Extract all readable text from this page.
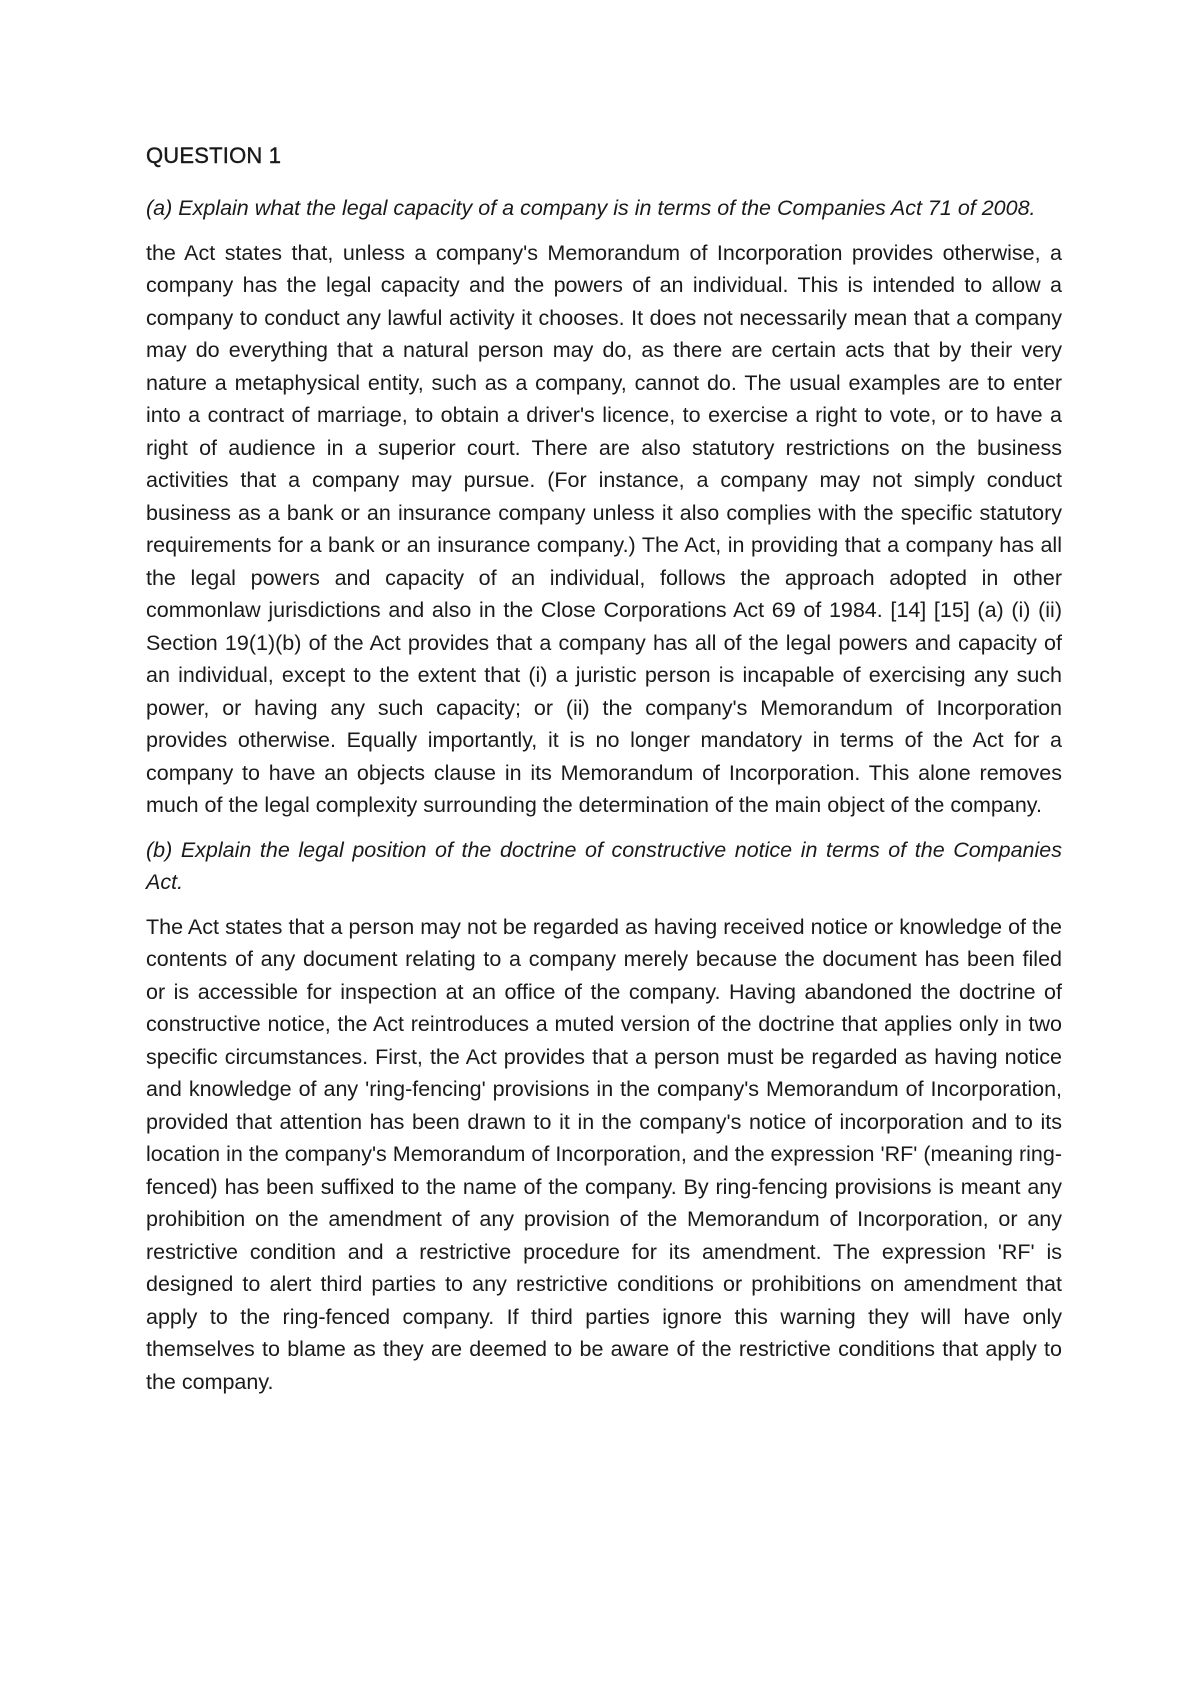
QUESTION 1

(a) Explain what the legal capacity of a company is in terms of the Companies Act 71 of 2008.

the Act states that, unless a company's Memorandum of Incorporation provides otherwise, a company has the legal capacity and the powers of an individual. This is intended to allow a company to conduct any lawful activity it chooses. It does not necessarily mean that a company may do everything that a natural person may do, as there are certain acts that by their very nature a metaphysical entity, such as a company, cannot do. The usual examples are to enter into a contract of marriage, to obtain a driver's licence, to exercise a right to vote, or to have a right of audience in a superior court. There are also statutory restrictions on the business activities that a company may pursue. (For instance, a company may not simply conduct business as a bank or an insurance company unless it also complies with the specific statutory requirements for a bank or an insurance company.) The Act, in providing that a company has all the legal powers and capacity of an individual, follows the approach adopted in other commonlaw jurisdictions and also in the Close Corporations Act 69 of 1984. [14] [15] (a) (i) (ii) Section 19(1)(b) of the Act provides that a company has all of the legal powers and capacity of an individual, except to the extent that (i) a juristic person is incapable of exercising any such power, or having any such capacity; or (ii) the company's Memorandum of Incorporation provides otherwise. Equally importantly, it is no longer mandatory in terms of the Act for a company to have an objects clause in its Memorandum of Incorporation. This alone removes much of the legal complexity surrounding the determination of the main object of the company.

(b) Explain the legal position of the doctrine of constructive notice in terms of the Companies Act.

The Act states that a person may not be regarded as having received notice or knowledge of the contents of any document relating to a company merely because the document has been filed or is accessible for inspection at an office of the company. Having abandoned the doctrine of constructive notice, the Act reintroduces a muted version of the doctrine that applies only in two specific circumstances. First, the Act provides that a person must be regarded as having notice and knowledge of any 'ring-fencing' provisions in the company's Memorandum of Incorporation, provided that attention has been drawn to it in the company's notice of incorporation and to its location in the company's Memorandum of Incorporation, and the expression 'RF' (meaning ring-fenced) has been suffixed to the name of the company. By ring-fencing provisions is meant any prohibition on the amendment of any provision of the Memorandum of Incorporation, or any restrictive condition and a restrictive procedure for its amendment. The expression 'RF' is designed to alert third parties to any restrictive conditions or prohibitions on amendment that apply to the ring-fenced company. If third parties ignore this warning they will have only themselves to blame as they are deemed to be aware of the restrictive conditions that apply to the company.
